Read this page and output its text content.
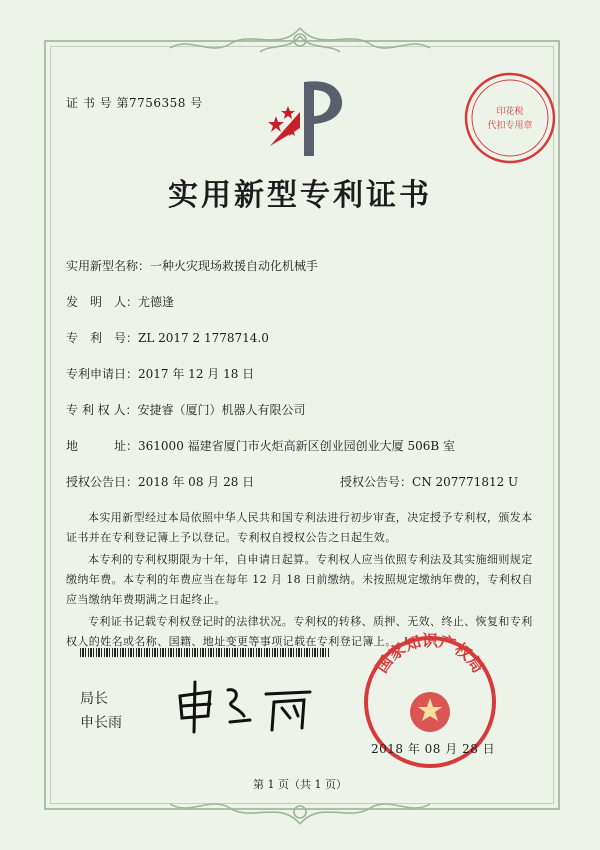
证 书 号 第7756358 号
印花税
代扣专用章
实用新型专利证书
实用新型名称：一种火灾现场救援自动化机械手
发　明　人：尤德逢
专　利　号：ZL 2017 2 1778714.0
专利申请日：2017 年 12 月 18 日
专 利 权 人：安捷睿（厦门）机器人有限公司
地　　　址：361000 福建省厦门市火炬高新区创业园创业大厦 506B 室
授权公告日：2018 年 08 月 28 日	授权公告号：CN 207771812 U
本实用新型经过本局依照中华人民共和国专利法进行初步审查，决定授予专利权，颁发本证书并在专利登记簿上予以登记。专利权自授权公告之日起生效。
本专利的专利权期限为十年，自申请日起算。专利权人应当依照专利法及其实施细则规定缴纳年费。本专利的年费应当在每年 12 月 18 日前缴纳。未按照规定缴纳年费的，专利权自应当缴纳年费期满之日起终止。
专利证书记载专利权登记时的法律状况。专利权的转移、质押、无效、终止、恢复和专利权人的姓名或名称、国籍、地址变更等事项记载在专利登记簿上。
局长
申长雨
国家知识产权局
2018 年 08 月 28 日
第 1 页（共 1 页）
